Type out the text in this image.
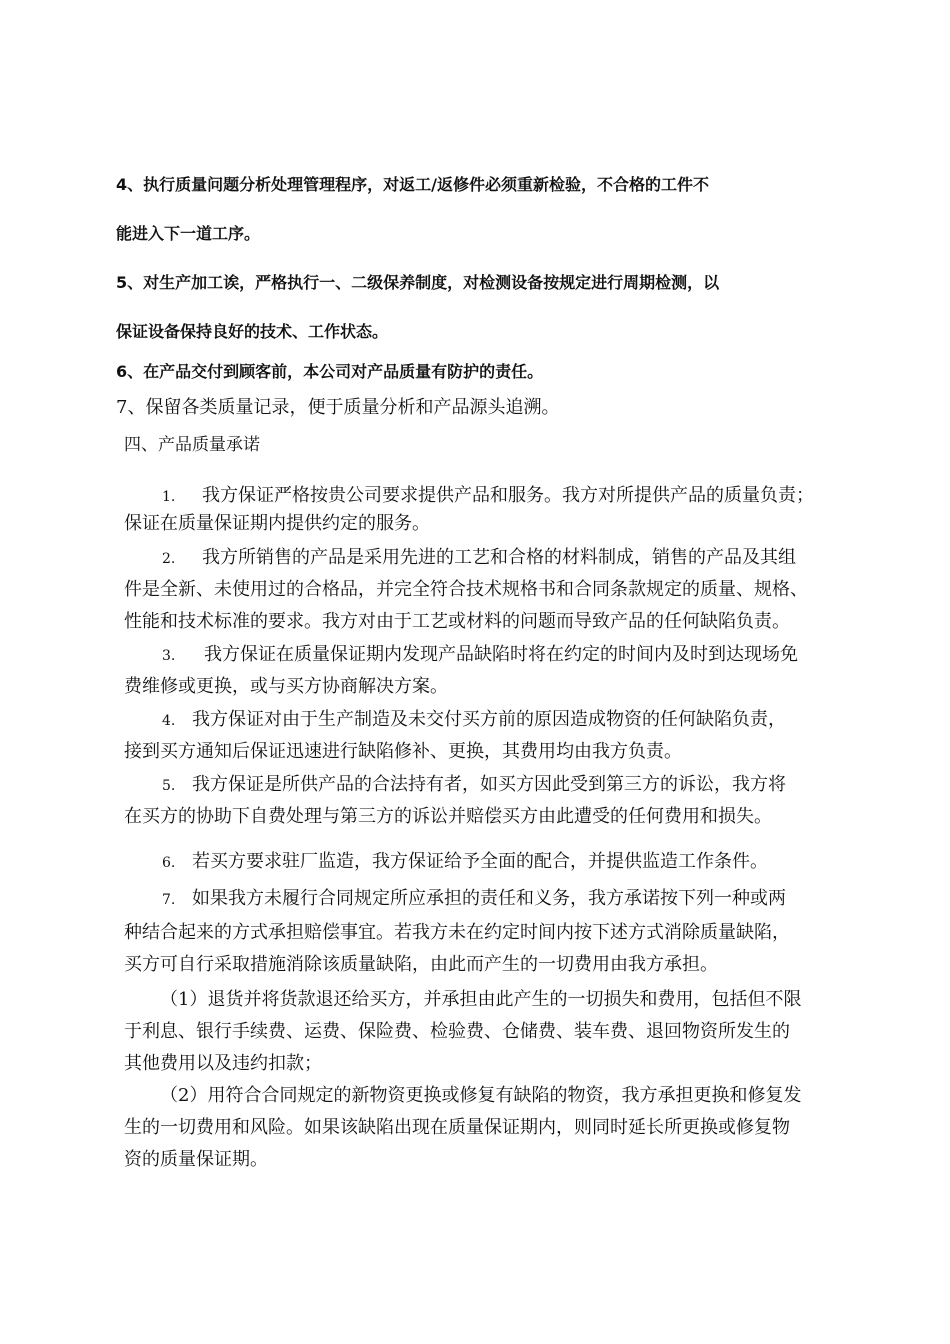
4、执行质量问题分析处理管理程序，对返工/返修件必须重新检验，不合格的工件不
能进入下一道工序。
5、对生产加工诶，严格执行一、二级保养制度，对检测设备按规定进行周期检测，以
保证设备保持良好的技术、工作状态。
6、在产品交付到顾客前，本公司对产品质量有防护的责任。
7、保留各类质量记录，便于质量分析和产品源头追溯。
四、产品质量承诺
1. 我方保证严格按贵公司要求提供产品和服务。我方对所提供产品的质量负责；
保证在质量保证期内提供约定的服务。
2. 我方所销售的产品是采用先进的工艺和合格的材料制成，销售的产品及其组
件是全新、未使用过的合格品，并完全符合技术规格书和合同条款规定的质量、规格、
性能和技术标准的要求。我方对由于工艺或材料的问题而导致产品的任何缺陷负责。
3. 我方保证在质量保证期内发现产品缺陷时将在约定的时间内及时到达现场免
费维修或更换，或与买方协商解决方案。
4. 我方保证对由于生产制造及未交付买方前的原因造成物资的任何缺陷负责，
接到买方通知后保证迅速进行缺陷修补、更换，其费用均由我方负责。
5. 我方保证是所供产品的合法持有者，如买方因此受到第三方的诉讼，我方将
在买方的协助下自费处理与第三方的诉讼并赔偿买方由此遭受的任何费用和损失。
6. 若买方要求驻厂监造，我方保证给予全面的配合，并提供监造工作条件。
7. 如果我方未履行合同规定所应承担的责任和义务，我方承诺按下列一种或两
种结合起来的方式承担赔偿事宜。若我方未在约定时间内按下述方式消除质量缺陷，
买方可自行采取措施消除该质量缺陷，由此而产生的一切费用由我方承担。
（1）退货并将货款退还给买方，并承担由此产生的一切损失和费用，包括但不限
于利息、银行手续费、运费、保险费、检验费、仓储费、装车费、退回物资所发生的
其他费用以及违约扣款；
（2）用符合合同规定的新物资更换或修复有缺陷的物资，我方承担更换和修复发
生的一切费用和风险。如果该缺陷出现在质量保证期内，则同时延长所更换或修复物
资的质量保证期。
